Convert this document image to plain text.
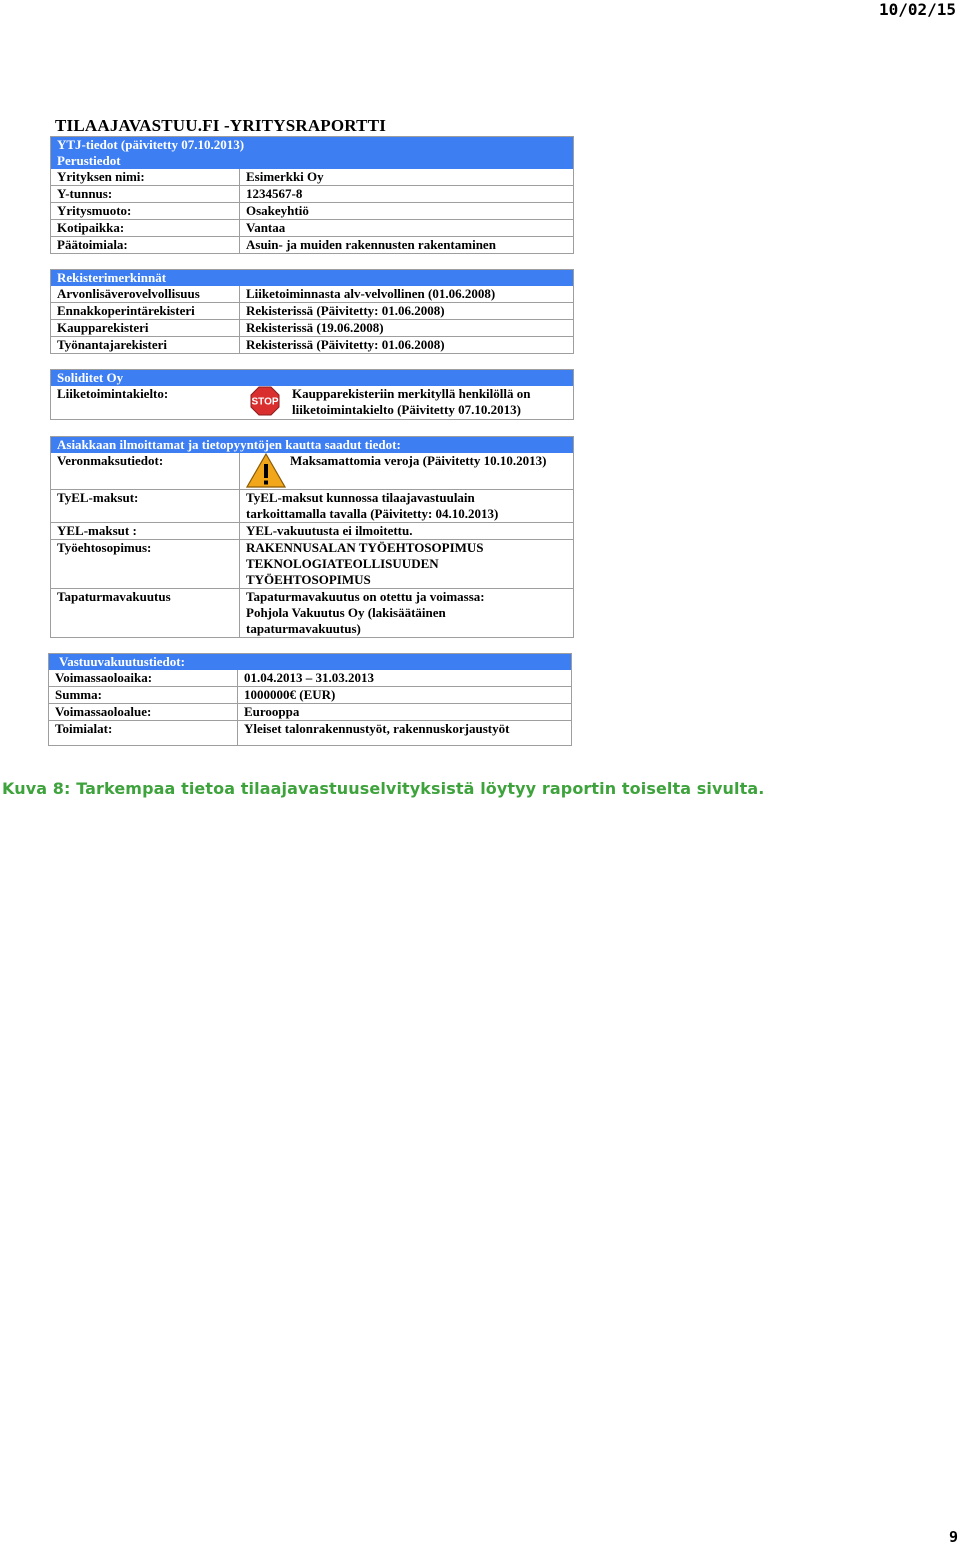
10/02/15
TILAAJAVASTUU.FI -YRITYSRAPORTTI
YTJ-tiedot (päivitetty 07.10.2013)
Perustiedot
Yrityksen nimi:	Esimerkki Oy
Y-tunnus:	1234567-8
Yritysmuoto:	Osakeyhtiö
Kotipaikka:	Vantaa
Päätoimiala:	Asuin- ja muiden rakennusten rakentaminen
Rekisterimerkinnät
Arvonlisäverovelvollisuus	Liiketoiminnasta alv-velvollinen (01.06.2008)
Ennakkoperintärekisteri	Rekisterissä (Päivitetty: 01.06.2008)
Kaupparekisteri	Rekisterissä (19.06.2008)
Työnantajarekisteri	Rekisterissä (Päivitetty: 01.06.2008)
Soliditet Oy
Liiketoimintakielto:
STOP
Kaupparekisteriin merkityllä henkilöllä on
liiketoimintakielto (Päivitetty 07.10.2013)
Asiakkaan ilmoittamat ja tietopyyntöjen kautta saadut tiedot:
Veronmaksutiedot:	Maksamattomia veroja (Päivitetty 10.10.2013)
TyEL-maksut:	TyEL-maksut kunnossa tilaajavastuulain
tarkoittamalla tavalla (Päivitetty: 04.10.2013)
YEL-maksut :	YEL-vakuutusta ei ilmoitettu.
Työehtosopimus:	RAKENNUSALAN TYÖEHTOSOPIMUS
TEKNOLOGIATEOLLISUUDEN
TYÖEHTOSOPIMUS
Tapaturmavakuutus	Tapaturmavakuutus on otettu ja voimassa:
Pohjola Vakuutus Oy (lakisäätäinen
tapaturmavakuutus)
Vastuuvakuutustiedot:
Voimassaoloaika:	01.04.2013 – 31.03.2013
Summa:	1000000€ (EUR)
Voimassaoloalue:	Eurooppa
Toimialat:	Yleiset talonrakennustyöt, rakennuskorjaustyöt
Kuva 8: Tarkempaa tietoa tilaajavastuuselvityksistä löytyy raportin toiselta sivulta.
9
